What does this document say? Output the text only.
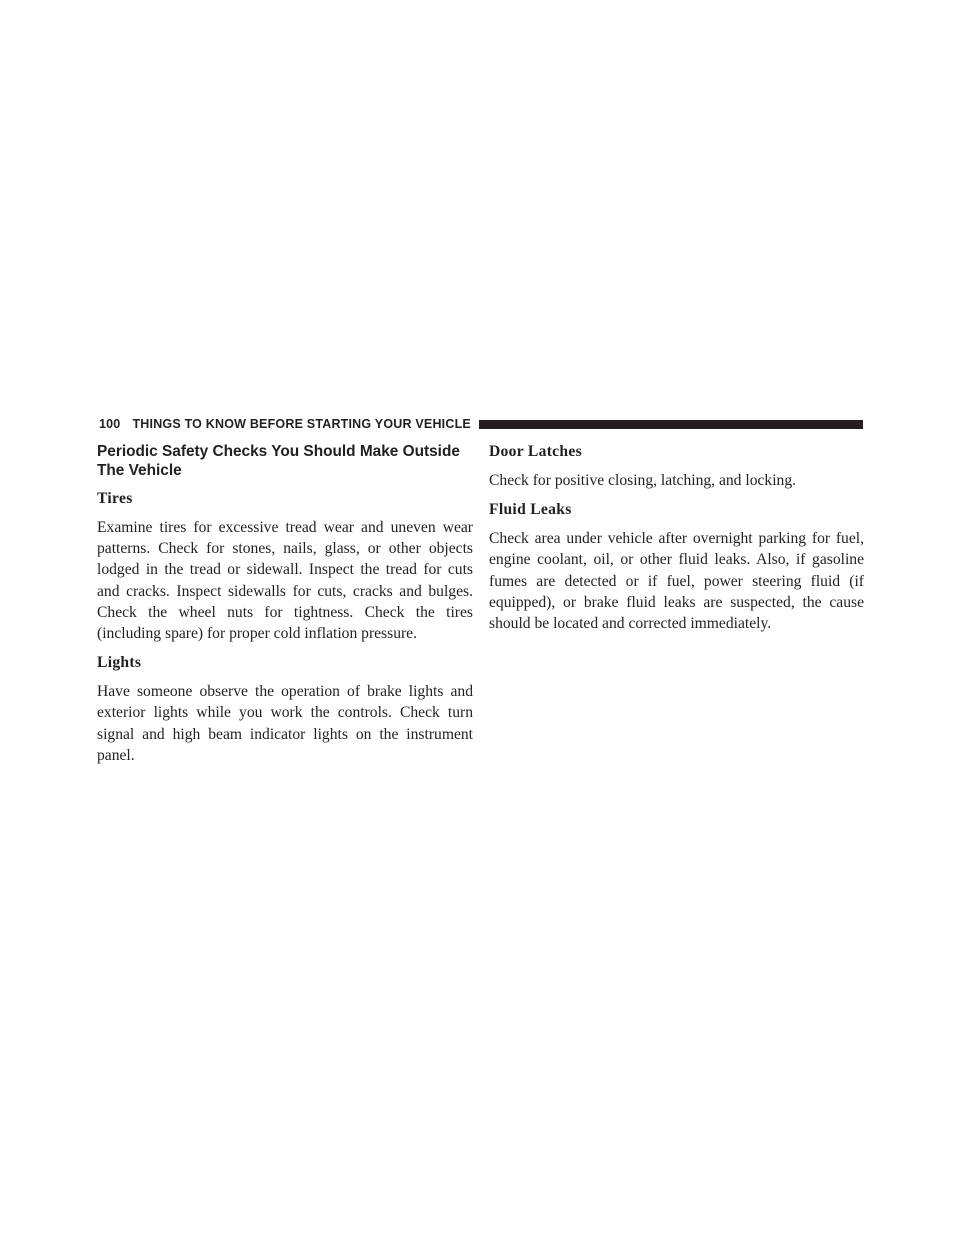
100 THINGS TO KNOW BEFORE STARTING YOUR VEHICLE
Periodic Safety Checks You Should Make Outside The Vehicle
Tires
Examine tires for excessive tread wear and uneven wear patterns. Check for stones, nails, glass, or other objects lodged in the tread or sidewall. Inspect the tread for cuts and cracks. Inspect sidewalls for cuts, cracks and bulges. Check the wheel nuts for tightness. Check the tires (including spare) for proper cold inflation pressure.
Lights
Have someone observe the operation of brake lights and exterior lights while you work the controls. Check turn signal and high beam indicator lights on the instrument panel.
Door Latches
Check for positive closing, latching, and locking.
Fluid Leaks
Check area under vehicle after overnight parking for fuel, engine coolant, oil, or other fluid leaks. Also, if gasoline fumes are detected or if fuel, power steering fluid (if equipped), or brake fluid leaks are suspected, the cause should be located and corrected immediately.
